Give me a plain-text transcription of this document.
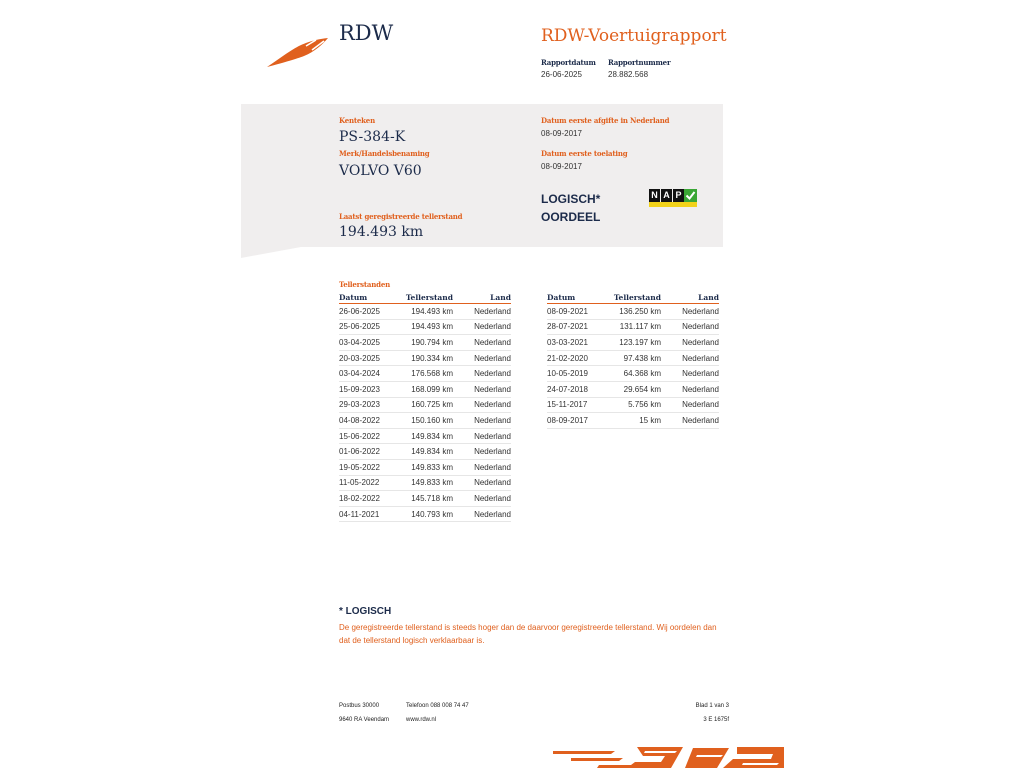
RDW	RDW-Voertuigrapport
Rapportdatum
26-06-2025
Rapportnummer
28.882.568
Kenteken
PS-384-K
Merk/Handelsbenaming
VOLVO V60
Laatst geregistreerde tellerstand
194.493 km
Datum eerste afgifte in Nederland
08-09-2017
Datum eerste toelating
08-09-2017
LOGISCH*
OORDEEL
N A P
Tellerstanden
Datum	Tellerstand	Land
26-06-2025	194.493 km	Nederland
25-06-2025	194.493 km	Nederland
03-04-2025	190.794 km	Nederland
20-03-2025	190.334 km	Nederland
03-04-2024	176.568 km	Nederland
15-09-2023	168.099 km	Nederland
29-03-2023	160.725 km	Nederland
04-08-2022	150.160 km	Nederland
15-06-2022	149.834 km	Nederland
01-06-2022	149.834 km	Nederland
19-05-2022	149.833 km	Nederland
11-05-2022	149.833 km	Nederland
18-02-2022	145.718 km	Nederland
04-11-2021	140.793 km	Nederland
Datum	Tellerstand	Land
08-09-2021	136.250 km	Nederland
28-07-2021	131.117 km	Nederland
03-03-2021	123.197 km	Nederland
21-02-2020	97.438 km	Nederland
10-05-2019	64.368 km	Nederland
24-07-2018	29.654 km	Nederland
15-11-2017	5.756 km	Nederland
08-09-2017	15 km	Nederland
* LOGISCH
De geregistreerde tellerstand is steeds hoger dan de daarvoor geregistreerde tellerstand. Wij oordelen dan
dat de tellerstand logisch verklaarbaar is.
Postbus 30000
9640 RA Veendam
Telefoon 088 008 74 47
www.rdw.nl
Blad 1 van 3
3 E 1675f
